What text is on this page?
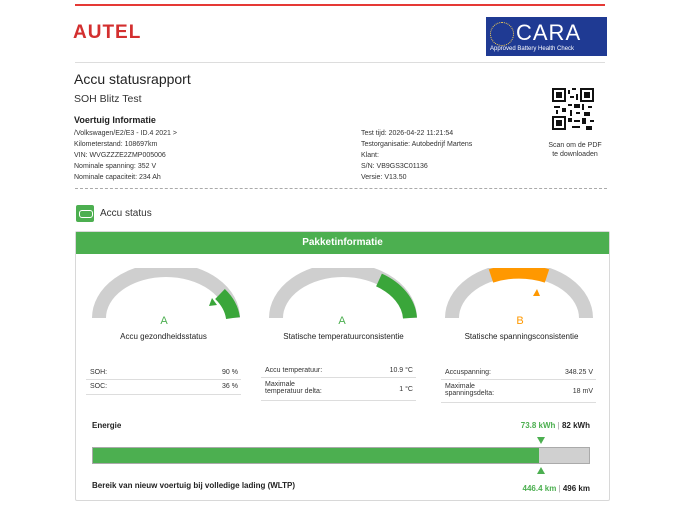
AUTEL	CARA
Approved Battery Health Check
Accu statusrapport
SOH Blitz Test
Scan om de PDF
te downloaden
Voertuig Informatie
/Volkswagen/E2/E3 - ID.4 2021 >
Kilometerstand: 108697km
VIN: WVGZZZE2ZMP005006
Nominale spanning: 352 V
Nominale capaciteit: 234 Ah
Test tijd: 2026-04-22 11:21:54
Testorganisatie: Autobedrijf Martens
Klant:
S/N: VB9GS3C01136
Versie: V13.50
Accu status
Pakketinformatie
A
Accu gezondheidsstatus
A
Statische temperatuurconsistentie
B
Statische spanningsconsistentie
SOH:	90 %
SOC:	36 %
Accu temperatuur:	10.9 °C
Maximale
temperatuur delta:	1 °C
Accuspanning:	348.25 V
Maximale
spanningsdelta:	18 mV
Energie	73.8 kWh | 82 kWh
Bereik van nieuw voertuig bij volledige lading (WLTP)	446.4 km | 496 km
